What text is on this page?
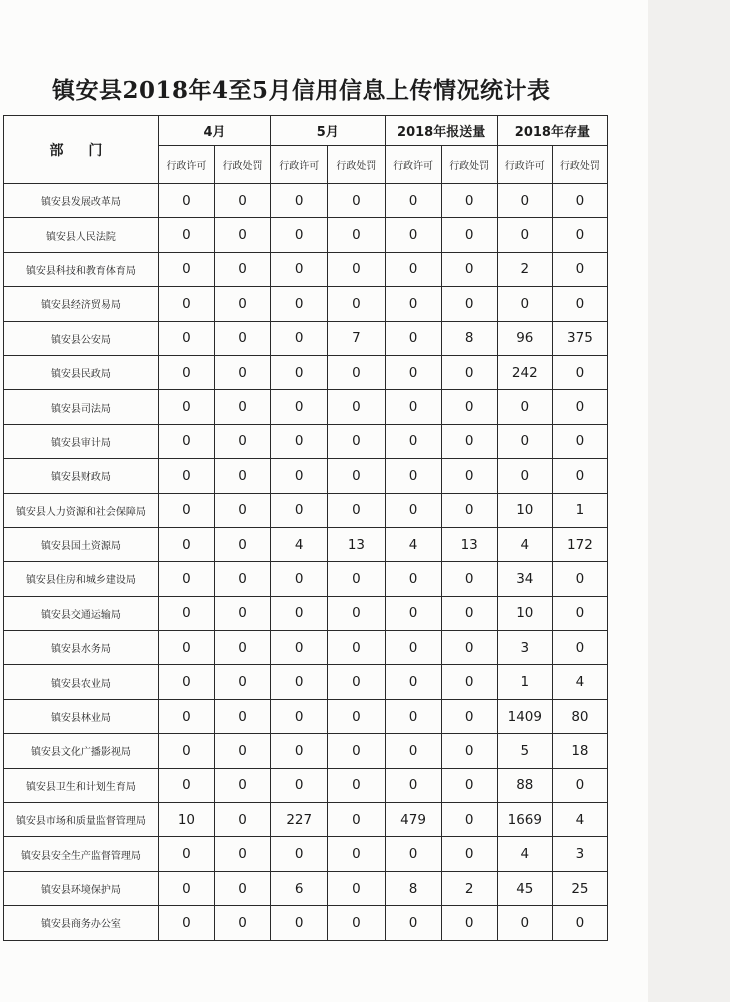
镇安县2018年4至5月信用信息上传情况统计表
部 门	4月		5月		2018年报送量		2018年存量	
	行政许可	行政处罚	行政许可	行政处罚	行政许可	行政处罚	行政许可	行政处罚
镇安县发展改革局	0	0	0	0	0	0	0	0
镇安县人民法院	0	0	0	0	0	0	0	0
镇安县科技和教育体育局	0	0	0	0	0	0	2	0
镇安县经济贸易局	0	0	0	0	0	0	0	0
镇安县公安局	0	0	0	7	0	8	96	375
镇安县民政局	0	0	0	0	0	0	242	0
镇安县司法局	0	0	0	0	0	0	0	0
镇安县审计局	0	0	0	0	0	0	0	0
镇安县财政局	0	0	0	0	0	0	0	0
镇安县人力资源和社会保障局	0	0	0	0	0	0	10	1
镇安县国土资源局	0	0	4	13	4	13	4	172
镇安县住房和城乡建设局	0	0	0	0	0	0	34	0
镇安县交通运输局	0	0	0	0	0	0	10	0
镇安县水务局	0	0	0	0	0	0	3	0
镇安县农业局	0	0	0	0	0	0	1	4
镇安县林业局	0	0	0	0	0	0	1409	80
镇安县文化广播影视局	0	0	0	0	0	0	5	18
镇安县卫生和计划生育局	0	0	0	0	0	0	88	0
镇安县市场和质量监督管理局	10	0	227	0	479	0	1669	4
镇安县安全生产监督管理局	0	0	0	0	0	0	4	3
镇安县环境保护局	0	0	6	0	8	2	45	25
镇安县商务办公室	0	0	0	0	0	0	0	0
